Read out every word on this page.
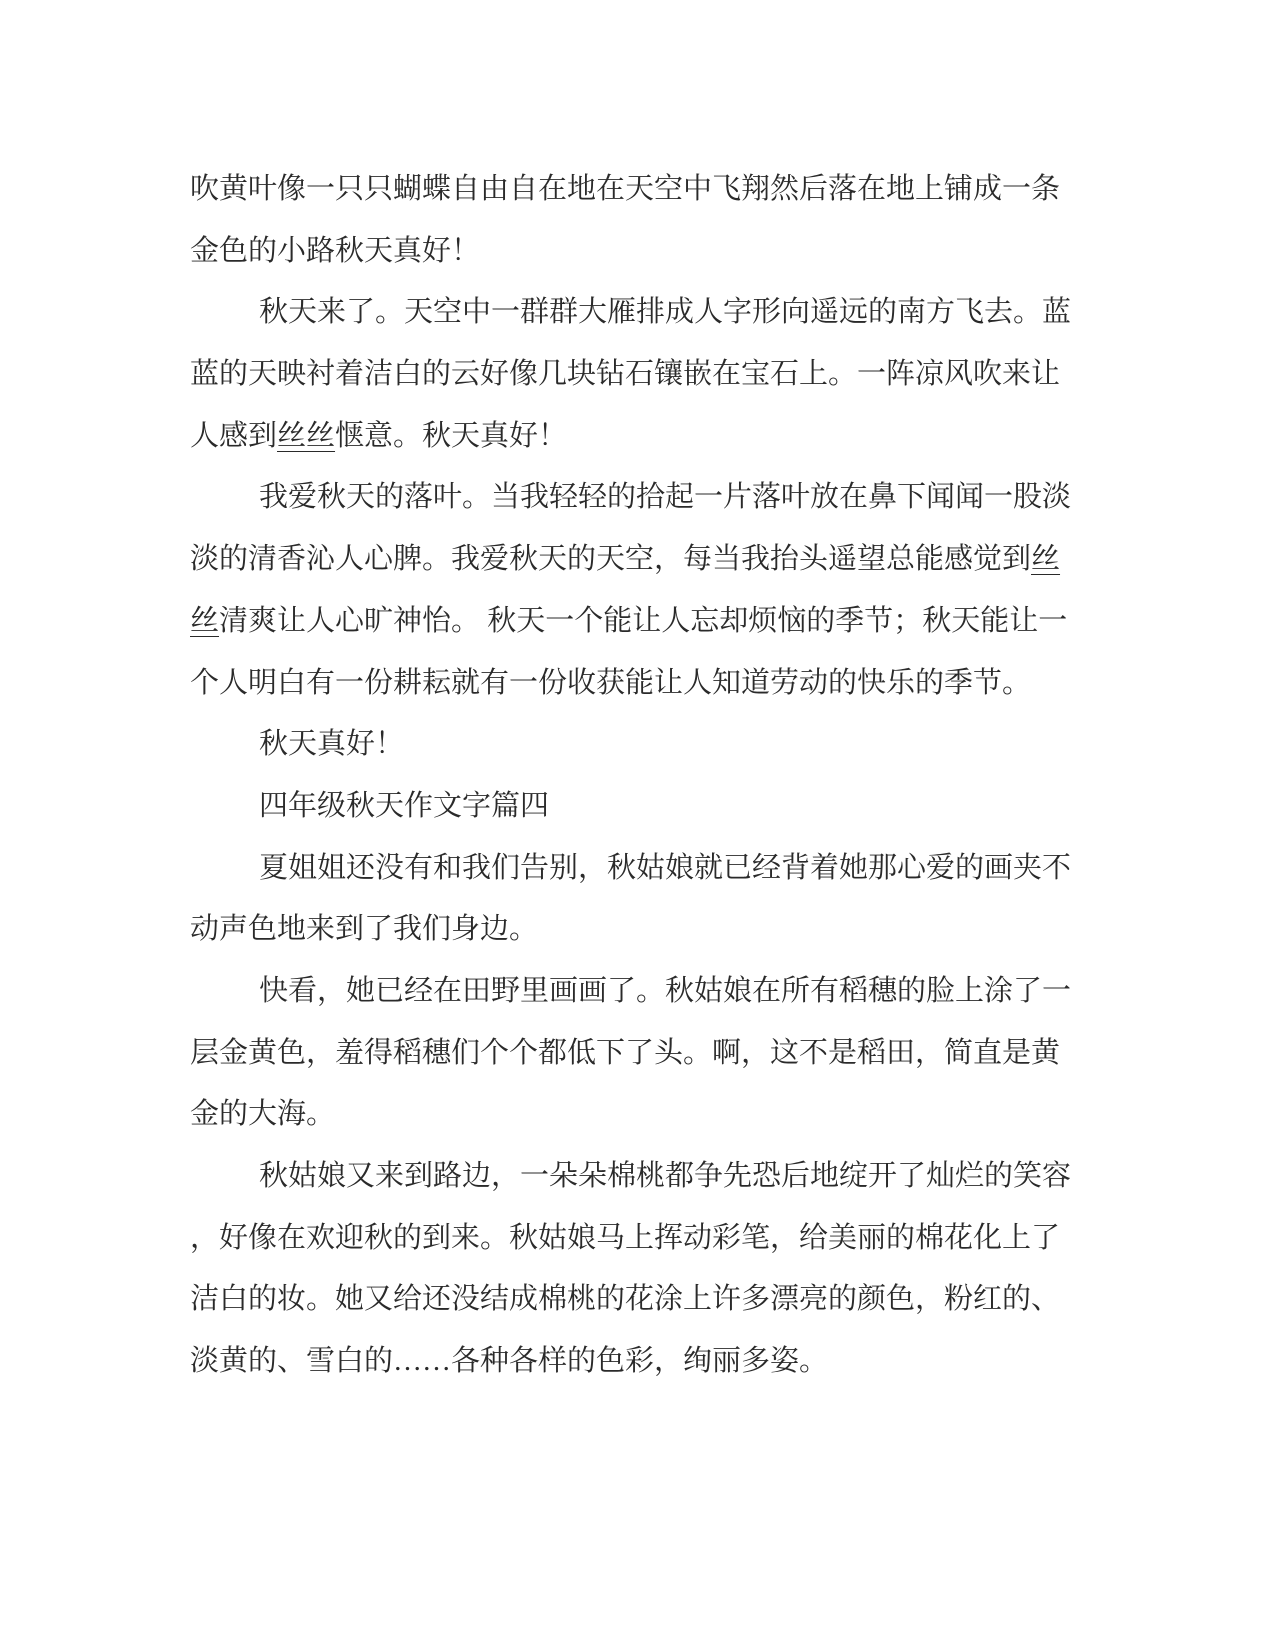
吹黄叶像一只只蝴蝶自由自在地在天空中飞翔然后落在地上铺成一条
金色的小路秋天真好！
秋天来了。天空中一群群大雁排成人字形向遥远的南方飞去。蓝
蓝的天映衬着洁白的云好像几块钻石镶嵌在宝石上。一阵凉风吹来让
人感到丝丝惬意。秋天真好！
我爱秋天的落叶。当我轻轻的拾起一片落叶放在鼻下闻闻一股淡
淡的清香沁人心脾。我爱秋天的天空，每当我抬头遥望总能感觉到丝
丝清爽让人心旷神怡。 秋天一个能让人忘却烦恼的季节；秋天能让一
个人明白有一份耕耘就有一份收获能让人知道劳动的快乐的季节。
秋天真好！
四年级秋天作文字篇四
夏姐姐还没有和我们告别，秋姑娘就已经背着她那心爱的画夹不
动声色地来到了我们身边。
快看，她已经在田野里画画了。秋姑娘在所有稻穗的脸上涂了一
层金黄色，羞得稻穗们个个都低下了头。啊，这不是稻田，简直是黄
金的大海。
秋姑娘又来到路边，一朵朵棉桃都争先恐后地绽开了灿烂的笑容
，好像在欢迎秋的到来。秋姑娘马上挥动彩笔，给美丽的棉花化上了
洁白的妆。她又给还没结成棉桃的花涂上许多漂亮的颜色，粉红的、
淡黄的、雪白的……各种各样的色彩，绚丽多姿。
